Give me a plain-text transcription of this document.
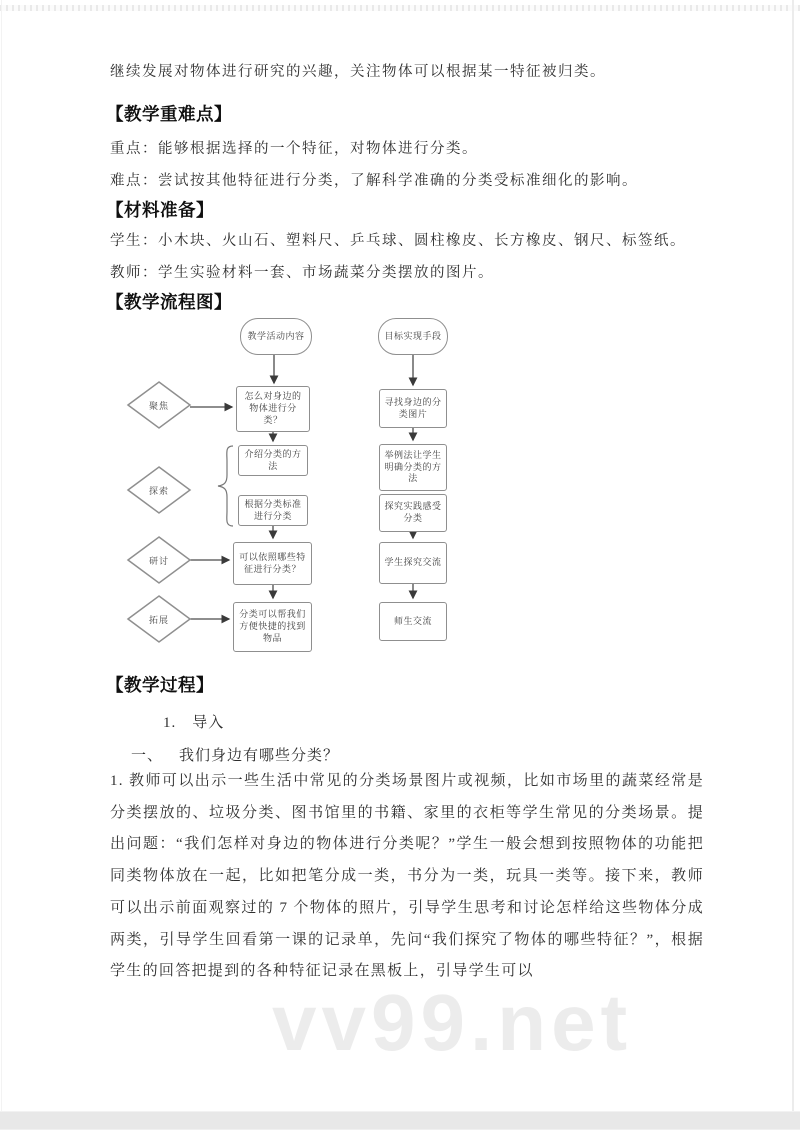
vv99.net
继续发展对物体进行研究的兴趣，关注物体可以根据某一特征被归类。
【教学重难点】
重点：能够根据选择的一个特征，对物体进行分类。
难点：尝试按其他特征进行分类，了解科学准确的分类受标准细化的影响。
【材料准备】
学生：小木块、火山石、塑料尺、乒乓球、圆柱橡皮、长方橡皮、钢尺、标签纸。
教师：学生实验材料一套、市场蔬菜分类摆放的图片。
【教学流程图】
聚焦
探索
研讨
拓展
教学活动内容	目标实现手段
怎么对身边的物体进行分类？
介绍分类的方法
根据分类标准进行分类
可以依照哪些特征进行分类？
分类可以帮我们方便快捷的找到物品
寻找身边的分类图片
举例法让学生明确分类的方法
探究实践感受分类
学生探究交流
师生交流
【教学过程】
1. 导入
一、 我们身边有哪些分类？
1. 教师可以出示一些生活中常见的分类场景图片或视频，比如市场里的蔬菜经常是分类摆放的、垃圾分类、图书馆里的书籍、家里的衣柜等学生常见的分类场景。提出问题：“我们怎样对身边的物体进行分类呢？”学生一般会想到按照物体的功能把同类物体放在一起，比如把笔分成一类，书分为一类，玩具一类等。接下来，教师可以出示前面观察过的 7 个物体的照片，引导学生思考和讨论怎样给这些物体分成两类，引导学生回看第一课的记录单，先问“我们探究了物体的哪些特征？”，根据学生的回答把提到的各种特征记录在黑板上，引导学生可以
